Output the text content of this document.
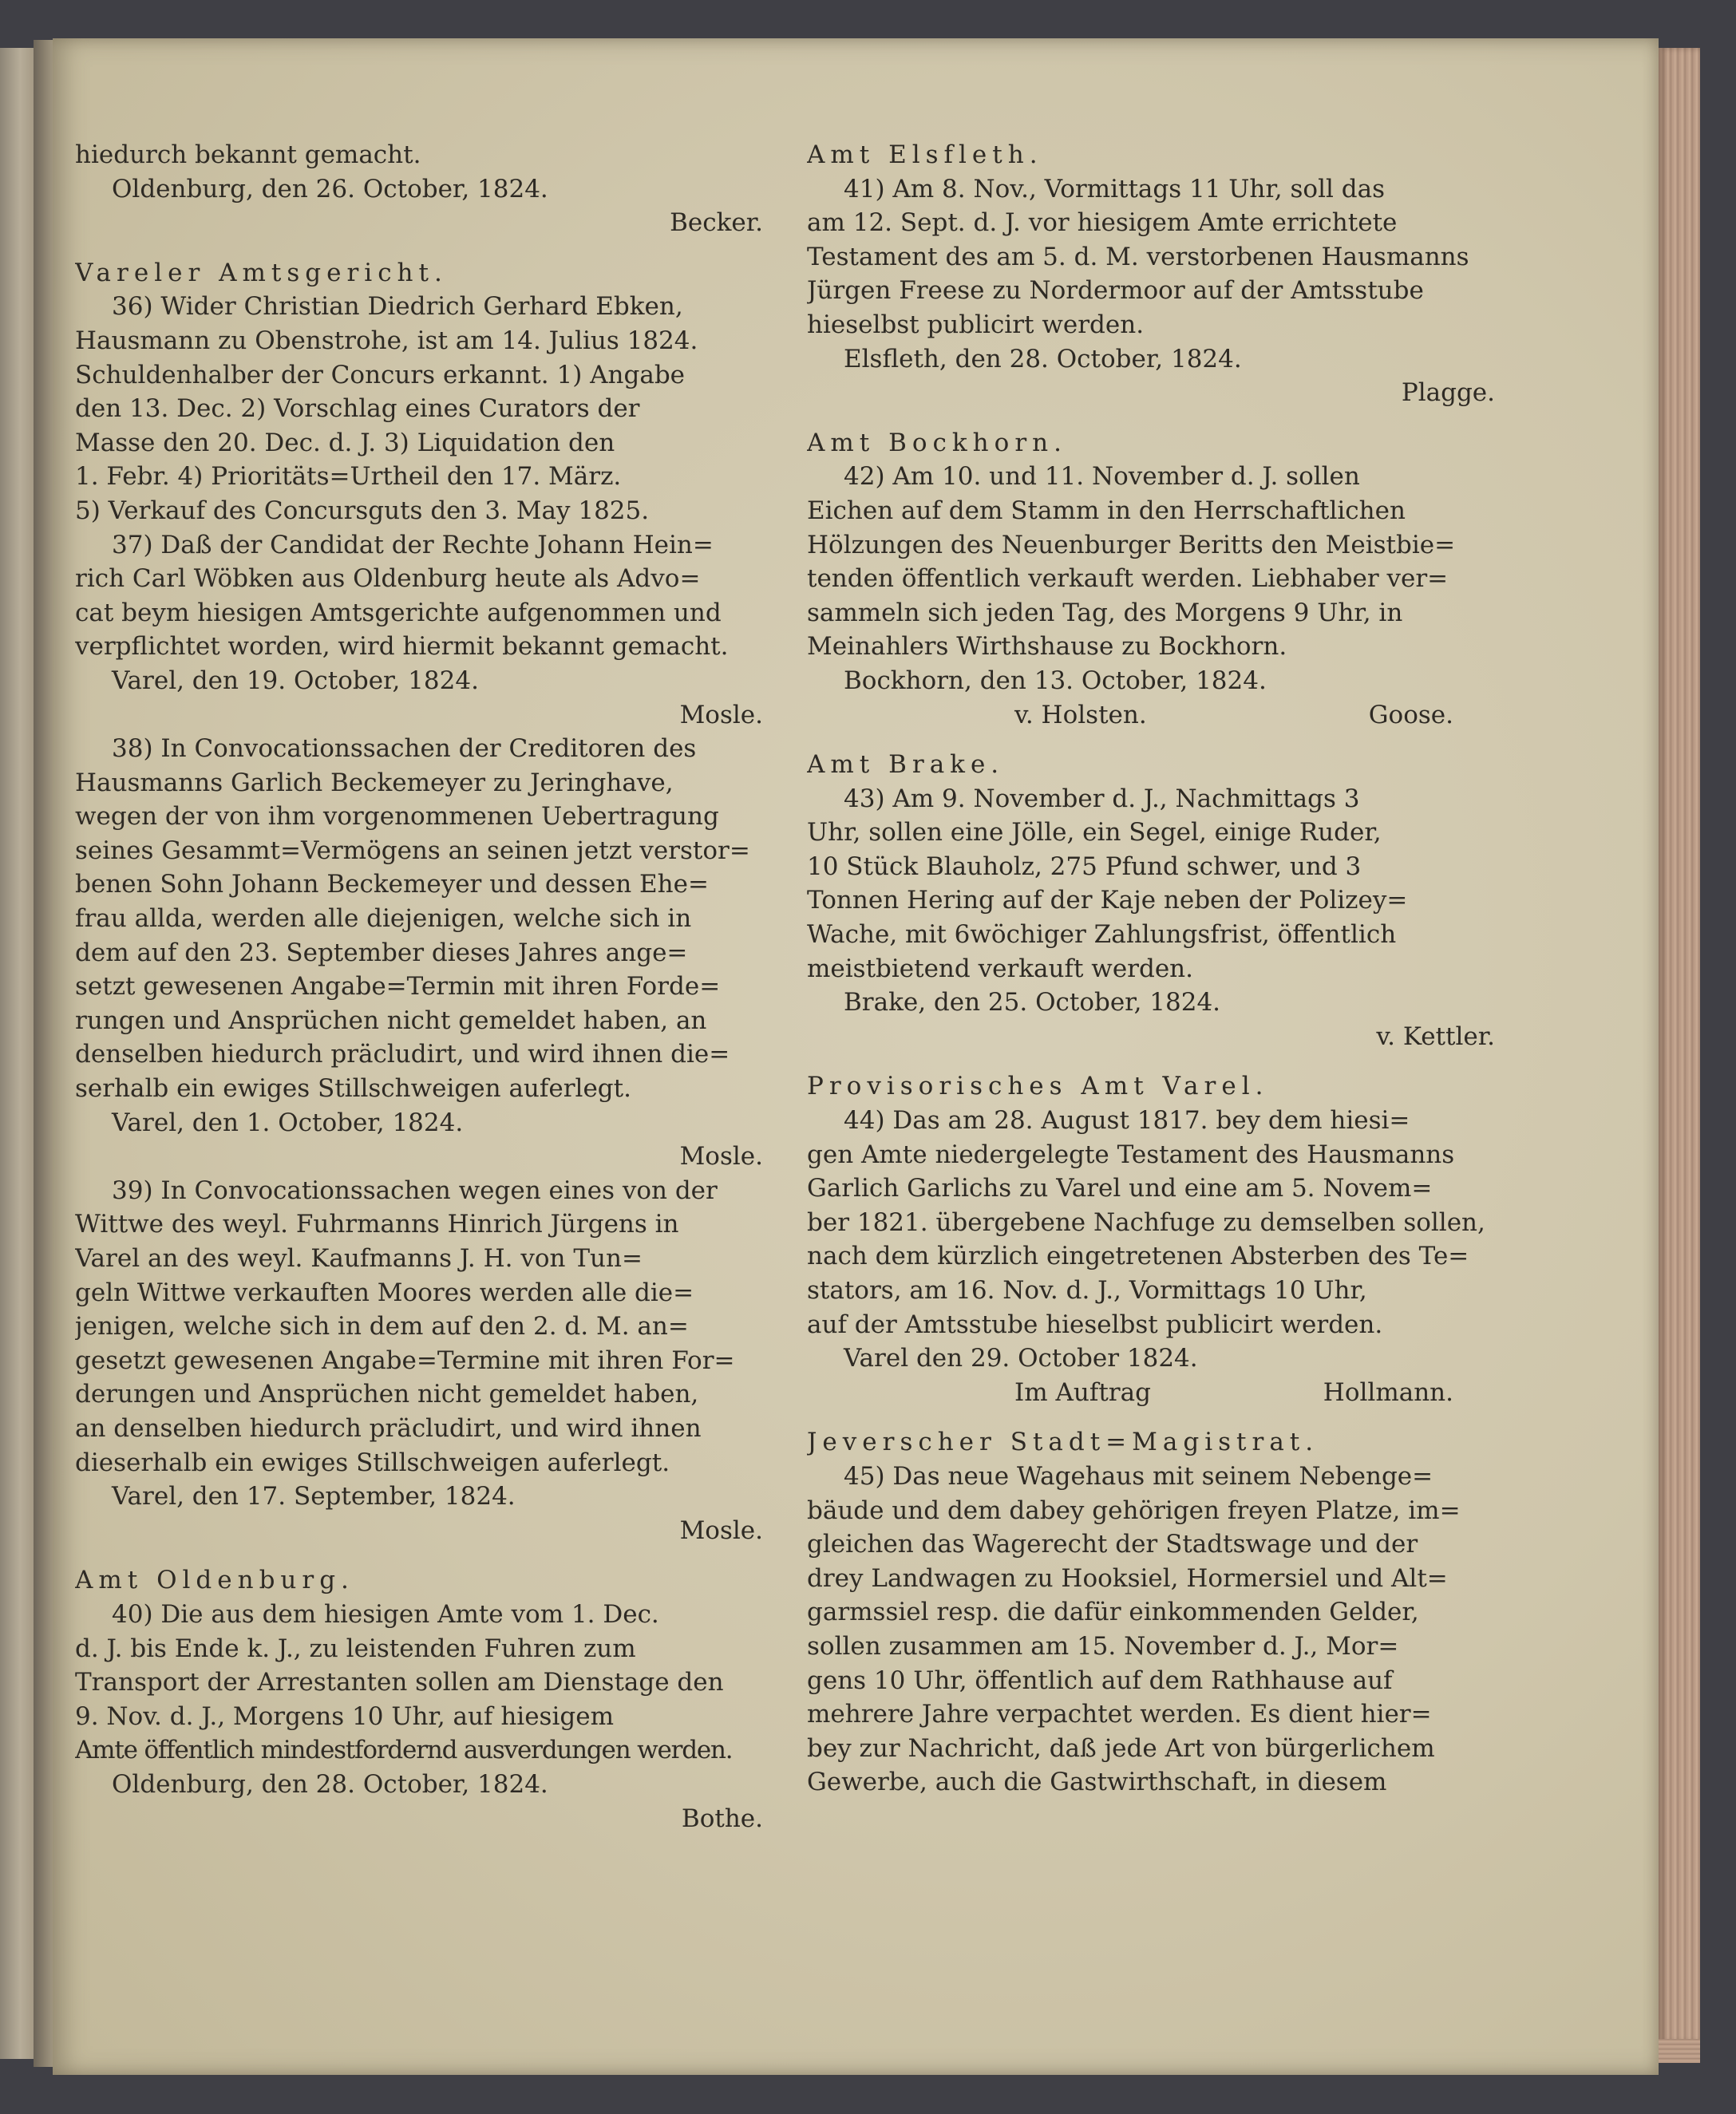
hiedurch bekannt gemacht.
Oldenburg, den 26. October, 1824.
Becker.
Vareler Amtsgericht.
36) Wider Christian Diedrich Gerhard Ebken,
Hausmann zu Obenstrohe, ist am 14. Julius 1824.
Schuldenhalber der Concurs erkannt. 1) Angabe
den 13. Dec. 2) Vorschlag eines Curators der
Masse den 20. Dec. d. J. 3) Liquidation den
1. Febr. 4) Prioritäts=Urtheil den 17. März.
5) Verkauf des Concursguts den 3. May 1825.
37) Daß der Candidat der Rechte Johann Hein=
rich Carl Wöbken aus Oldenburg heute als Advo=
cat beym hiesigen Amtsgerichte aufgenommen und
verpflichtet worden, wird hiermit bekannt gemacht.
Varel, den 19. October, 1824.
Mosle.
38) In Convocationssachen der Creditoren des
Hausmanns Garlich Beckemeyer zu Jeringhave,
wegen der von ihm vorgenommenen Uebertragung
seines Gesammt=Vermögens an seinen jetzt verstor=
benen Sohn Johann Beckemeyer und dessen Ehe=
frau allda, werden alle diejenigen, welche sich in
dem auf den 23. September dieses Jahres ange=
setzt gewesenen Angabe=Termin mit ihren Forde=
rungen und Ansprüchen nicht gemeldet haben, an
denselben hiedurch präcludirt, und wird ihnen die=
serhalb ein ewiges Stillschweigen auferlegt.
Varel, den 1. October, 1824.
Mosle.
39) In Convocationssachen wegen eines von der
Wittwe des weyl. Fuhrmanns Hinrich Jürgens in
Varel an des weyl. Kaufmanns J. H. von Tun=
geln Wittwe verkauften Moores werden alle die=
jenigen, welche sich in dem auf den 2. d. M. an=
gesetzt gewesenen Angabe=Termine mit ihren For=
derungen und Ansprüchen nicht gemeldet haben,
an denselben hiedurch präcludirt, und wird ihnen
dieserhalb ein ewiges Stillschweigen auferlegt.
Varel, den 17. September, 1824.
Mosle.
Amt Oldenburg.
40) Die aus dem hiesigen Amte vom 1. Dec.
d. J. bis Ende k. J., zu leistenden Fuhren zum
Transport der Arrestanten sollen am Dienstage den
9. Nov. d. J., Morgens 10 Uhr, auf hiesigem
Amte öffentlich mindestfordernd ausverdungen werden.
Oldenburg, den 28. October, 1824.
Bothe.
Amt Elsfleth.
41) Am 8. Nov., Vormittags 11 Uhr, soll das
am 12. Sept. d. J. vor hiesigem Amte errichtete
Testament des am 5. d. M. verstorbenen Hausmanns
Jürgen Freese zu Nordermoor auf der Amtsstube
hieselbst publicirt werden.
Elsfleth, den 28. October, 1824.
Plagge.
Amt Bockhorn.
42) Am 10. und 11. November d. J. sollen
Eichen auf dem Stamm in den Herrschaftlichen
Hölzungen des Neuenburger Beritts den Meistbie=
tenden öffentlich verkauft werden. Liebhaber ver=
sammeln sich jeden Tag, des Morgens 9 Uhr, in
Meinahlers Wirthshause zu Bockhorn.
Bockhorn, den 13. October, 1824.
v. Holsten.	Goose.
Amt Brake.
43) Am 9. November d. J., Nachmittags 3
Uhr, sollen eine Jölle, ein Segel, einige Ruder,
10 Stück Blauholz, 275 Pfund schwer, und 3
Tonnen Hering auf der Kaje neben der Polizey=
Wache, mit 6wöchiger Zahlungsfrist, öffentlich
meistbietend verkauft werden.
Brake, den 25. October, 1824.
v. Kettler.
Provisorisches Amt Varel.
44) Das am 28. August 1817. bey dem hiesi=
gen Amte niedergelegte Testament des Hausmanns
Garlich Garlichs zu Varel und eine am 5. Novem=
ber 1821. übergebene Nachfuge zu demselben sollen,
nach dem kürzlich eingetretenen Absterben des Te=
stators, am 16. Nov. d. J., Vormittags 10 Uhr,
auf der Amtsstube hieselbst publicirt werden.
Varel den 29. October 1824.
Im Auftrag	Hollmann.
Jeverscher Stadt=Magistrat.
45) Das neue Wagehaus mit seinem Nebenge=
bäude und dem dabey gehörigen freyen Platze, im=
gleichen das Wagerecht der Stadtswage und der
drey Landwagen zu Hooksiel, Hormersiel und Alt=
garmssiel resp. die dafür einkommenden Gelder,
sollen zusammen am 15. November d. J., Mor=
gens 10 Uhr, öffentlich auf dem Rathhause auf
mehrere Jahre verpachtet werden. Es dient hier=
bey zur Nachricht, daß jede Art von bürgerlichem
Gewerbe, auch die Gastwirthschaft, in diesem
